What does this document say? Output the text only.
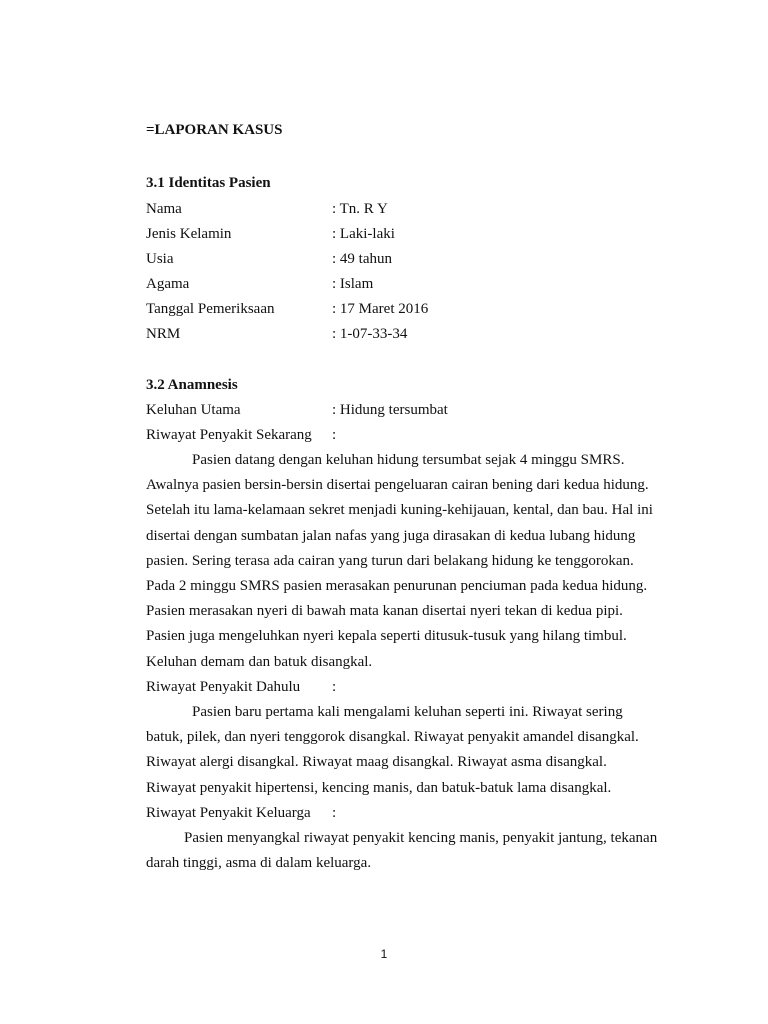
=LAPORAN KASUS
3.1 Identitas Pasien
Nama	: Tn. R Y
Jenis Kelamin	: Laki-laki
Usia	: 49 tahun
Agama	: Islam
Tanggal Pemeriksaan	: 17 Maret 2016
NRM	: 1-07-33-34
3.2 Anamnesis
Keluhan Utama	: Hidung tersumbat
Riwayat Penyakit Sekarang :

Pasien datang dengan keluhan hidung tersumbat sejak 4 minggu SMRS. Awalnya pasien bersin-bersin disertai pengeluaran cairan bening dari kedua hidung. Setelah itu lama-kelamaan sekret menjadi kuning-kehijauan, kental, dan bau. Hal ini disertai dengan sumbatan jalan nafas yang juga dirasakan di kedua lubang hidung pasien. Sering terasa ada cairan yang turun dari belakang hidung ke tenggorokan. Pada 2 minggu SMRS pasien merasakan penurunan penciuman pada kedua hidung. Pasien merasakan nyeri di bawah mata kanan disertai nyeri tekan di kedua pipi. Pasien juga mengeluhkan nyeri kepala seperti ditusuk-tusuk yang hilang timbul. Keluhan demam dan batuk disangkal.

Riwayat Penyakit Dahulu :

Pasien baru pertama kali mengalami keluhan seperti ini. Riwayat sering batuk, pilek, dan nyeri tenggorok disangkal. Riwayat penyakit amandel disangkal. Riwayat alergi disangkal. Riwayat maag disangkal. Riwayat asma disangkal. Riwayat penyakit hipertensi, kencing manis, dan batuk-batuk lama disangkal.

Riwayat Penyakit Keluarga :

Pasien menyangkal riwayat penyakit kencing manis, penyakit jantung, tekanan darah tinggi, asma di dalam keluarga.

1
